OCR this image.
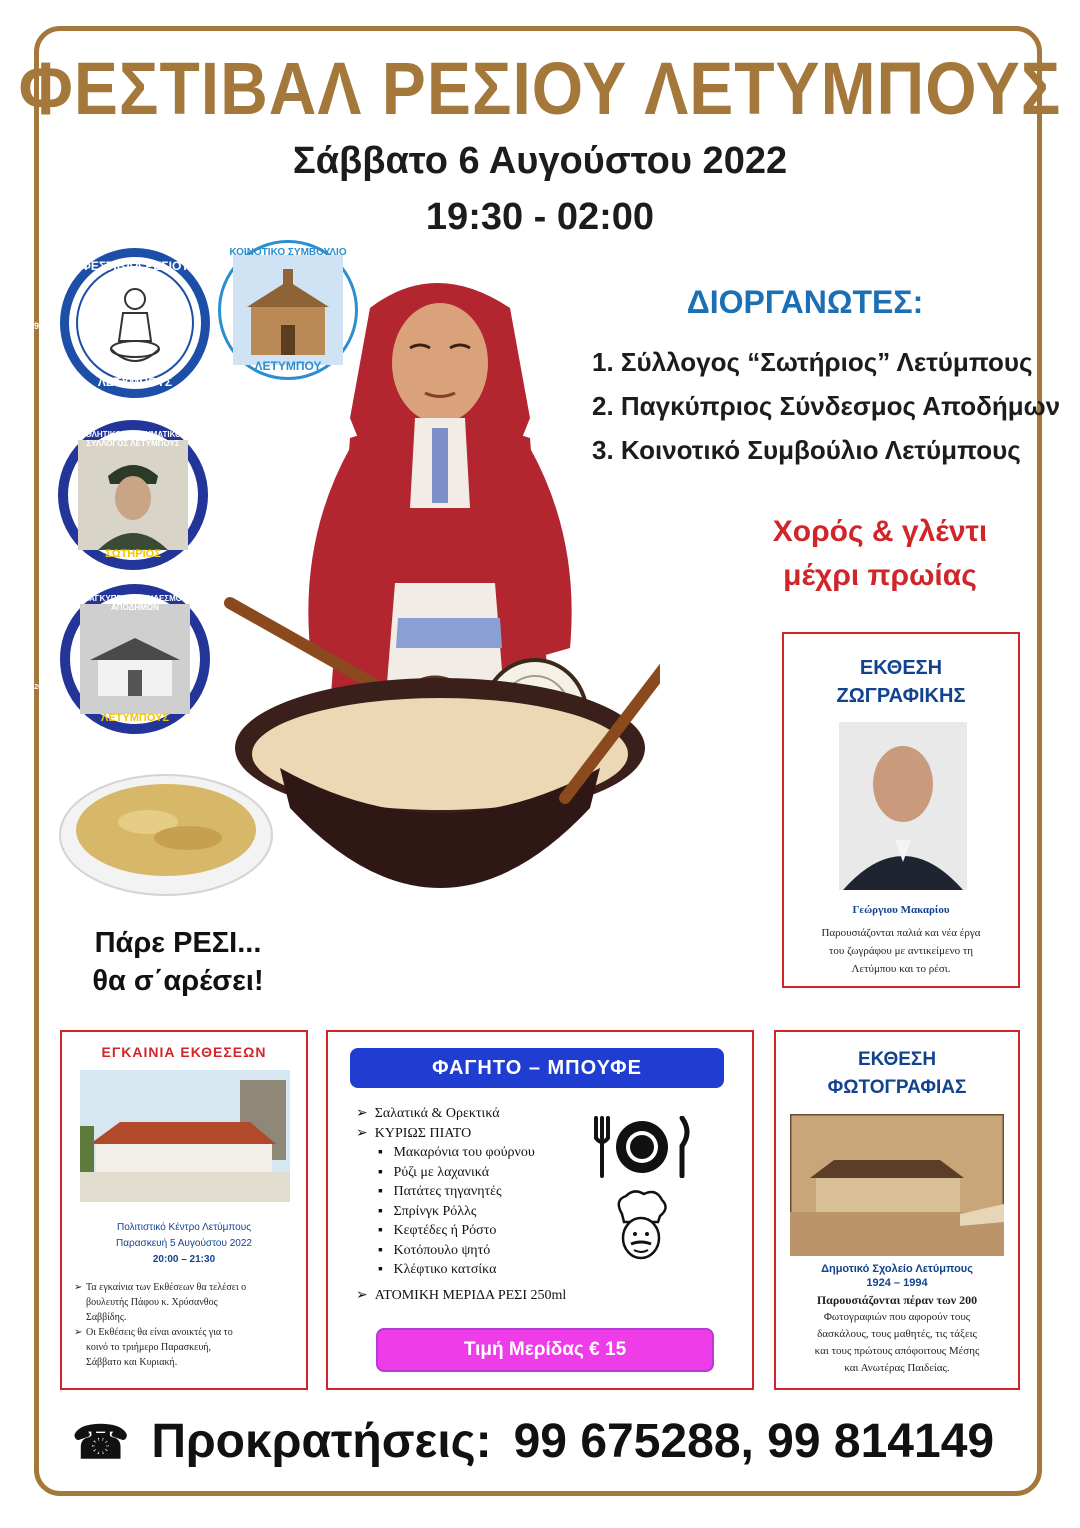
ΦΕΣΤΙΒΑΛ ΡΕΣΙΟΥ ΛΕΤΥΜΠΟΥΣ
Σάββατο 6 Αυγούστου 2022
19:30 - 02:00
ΦΕΣΤΙΒΑΛ ΡΕΣΙΟΥ
ΛΕΤΥΜΠΟΥΣ
1980
ΚΟΙΝΟΤΙΚΟ ΣΥΜΒΟΥΛΙΟ
ΛΕΤΥΜΠΟΥ
ΑΘΛΗΤΙΚΟΣ ΠΝΕΥΜΑΤΙΚΟΣ ΣΥΛΛΟΓΟΣ ΛΕΤΥΜΠΟΥΣ
ΣΩΤΗΡΙΟΣ
ΠΑΓΚΥΠΡΙΟΣ ΣΥΝΔΕΣΜΟΣ ΑΠΟΔΗΜΩΝ
ΛΕΤΥΜΠΟΥΣ
2019	2019
Πάρε ΡΕΣΙ...
θα σ΄αρέσει!
ΔΙΟΡΓΑΝΩΤΕΣ:
1. Σύλλογος “Σωτήριος” Λετύμπους
2. Παγκύπριος Σύνδεσμος Αποδήμων
3. Κοινοτικό Συμβούλιο Λετύμπους
Χορός & γλέντι
μέχρι πρωίας
ΕΚΘΕΣΗ
ΖΩΓΡΑΦΙΚΗΣ
Γεώργιου Μακαρίου
Παρουσιάζονται παλιά και νέα έργα
του ζωγράφου με αντικείμενο τη
Λετύμπου και το ρέσι.
ΕΓΚΑΙΝΙΑ ΕΚΘΕΣΕΩΝ
Πολιτιστικό Κέντρο Λετύμπους
Παρασκευή 5 Αυγούστου 2022
20:00 – 21:30
➢ Τα εγκαίνια των Εκθέσεων θα τελέσει ο
βουλευτής Πάφου κ. Χρύσανθος
Σαββίδης.
➢ Οι Εκθέσεις θα είναι ανοικτές για το
κοινό το τριήμερο Παρασκευή,
Σάββατο και Κυριακή.
ΦΑΓΗΤΟ – ΜΠΟΥΦΕ
➢  Σαλατικά & Ορεκτικά
➢  ΚΥΡΙΩΣ ΠΙΑΤΟ
▪   Μακαρόνια του φούρνου
▪   Ρύζι με λαχανικά
▪   Πατάτες τηγανητές
▪   Σπρίνγκ Ρόλλς
▪   Κεφτέδες ή Ρόστο
▪   Κοτόπουλο ψητό
▪   Κλέφτικο κατσίκα
➢  ΑΤΟΜΙΚΗ ΜΕΡΙΔΑ ΡΕΣΙ 250ml
Τιμή Μερίδας € 15
ΕΚΘΕΣΗ
ΦΩΤΟΓΡΑΦΙΑΣ
Δημοτικό Σχολείο Λετύμπους
1924 – 1994
Παρουσιάζονται πέραν των 200
Φωτογραφιών που αφορούν τους
δασκάλους, τους μαθητές, τις τάξεις
και τους πρώτους απόφοιτους Μέσης
και Ανωτέρας Παιδείας.
☎ Προκρατήσεις: 99 675288, 99 814149
